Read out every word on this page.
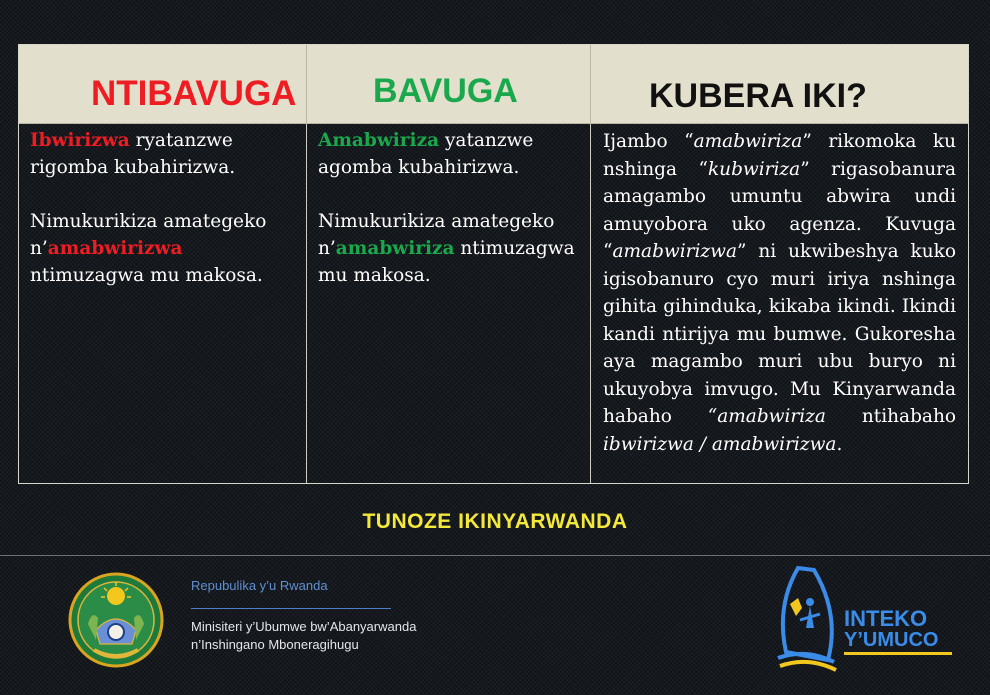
NTIBAVUGA BAVUGA	KUBERA IKI?

Ibwirizwa ryatanzwe rigomba kubahirizwa.

Nimukurikiza amategeko n’amabwirizwa ntimuzagwa mu makosa.

Amabwiriza yatanzwe agomba kubahirizwa.

Nimukurikiza amategeko n’amabwiriza ntimuzagwa mu makosa.

Ijambo “amabwiriza” rikomoka ku nshinga “kubwiriza” rigasobanura amagambo umuntu abwira undi amuyobora uko agenza. Kuvuga “amabwirizwa” ni ukwibeshya kuko igisobanuro cyo muri iriya nshinga gihita gihinduka, kikaba ikindi. Ikindi kandi ntirijya mu bumwe. Gukoresha aya magambo muri ubu buryo ni ukuyobya imvugo. Mu Kinyarwanda habaho “amabwiriza ntihabaho ibwirizwa / amabwirizwa.
TUNOZE IKINYARWANDA
Repubulika y’u Rwanda
Minisiteri y’Ubumwe bw’Abanyarwanda
n’Inshingano Mboneragihugu
INTEKO
Y’UMUCO
